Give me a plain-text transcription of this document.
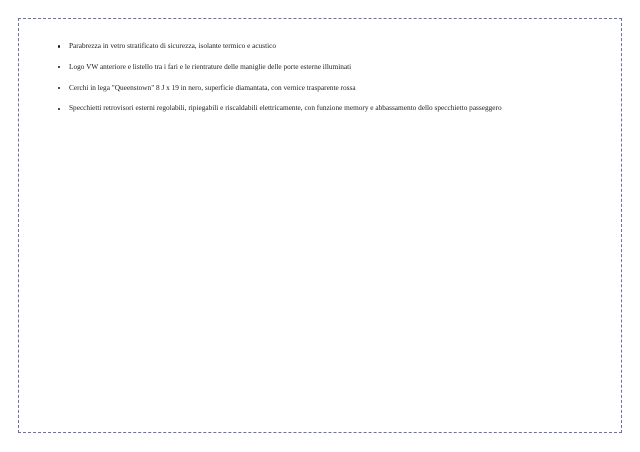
Parabrezza in vetro stratificato di sicurezza, isolante termico e acustico
Logo VW anteriore e listello tra i fari e le rientrature delle maniglie delle porte esterne illuminati
Cerchi in lega "Queenstown" 8 J x 19 in nero, superficie diamantata, con vernice trasparente rossa
Specchietti retrovisori esterni regolabili, ripiegabili e riscaldabili elettricamente, con funzione memory e abbassamento dello specchietto passeggero
